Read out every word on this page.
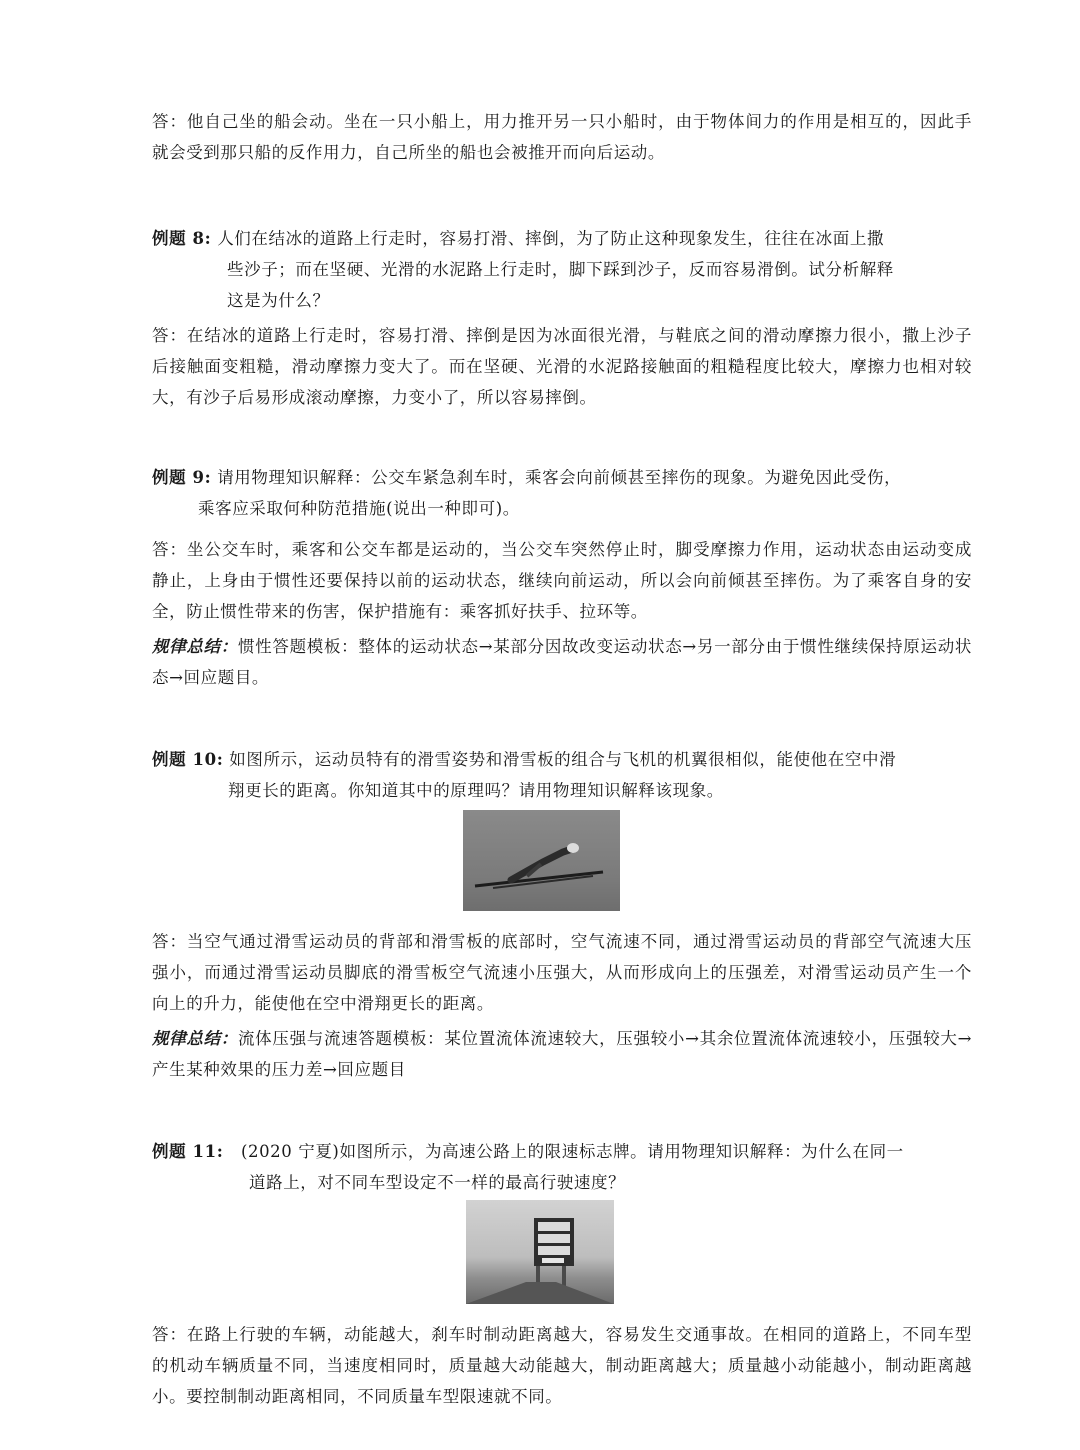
答：他自己坐的船会动。坐在一只小船上，用力推开另一只小船时，由于物体间力的作用是相互的，因此手就会受到那只船的反作用力，自己所坐的船也会被推开而向后运动。

例题 8: 人们在结冰的道路上行走时，容易打滑、摔倒，为了防止这种现象发生，往往在冰面上撒
些沙子；而在坚硬、光滑的水泥路上行走时，脚下踩到沙子，反而容易滑倒。试分析解释
这是为什么？

答：在结冰的道路上行走时，容易打滑、摔倒是因为冰面很光滑，与鞋底之间的滑动摩擦力很小，撒上沙子后接触面变粗糙，滑动摩擦力变大了。而在坚硬、光滑的水泥路接触面的粗糙程度比较大，摩擦力也相对较大，有沙子后易形成滚动摩擦，力变小了，所以容易摔倒。

例题 9: 请用物理知识解释：公交车紧急刹车时，乘客会向前倾甚至摔伤的现象。为避免因此受伤，
乘客应采取何种防范措施(说出一种即可)。

答：坐公交车时，乘客和公交车都是运动的，当公交车突然停止时，脚受摩擦力作用，运动状态由运动变成静止，上身由于惯性还要保持以前的运动状态，继续向前运动，所以会向前倾甚至摔伤。为了乘客自身的安全，防止惯性带来的伤害，保护措施有：乘客抓好扶手、拉环等。

规律总结：惯性答题模板：整体的运动状态→某部分因故改变运动状态→另一部分由于惯性继续保持原运动状态→回应题目。

例题 10: 如图所示，运动员特有的滑雪姿势和滑雪板的组合与飞机的机翼很相似，能使他在空中滑
翔更长的距离。你知道其中的原理吗？请用物理知识解释该现象。

答：当空气通过滑雪运动员的背部和滑雪板的底部时，空气流速不同，通过滑雪运动员的背部空气流速大压强小，而通过滑雪运动员脚底的滑雪板空气流速小压强大，从而形成向上的压强差，对滑雪运动员产生一个向上的升力，能使他在空中滑翔更长的距离。

规律总结：流体压强与流速答题模板：某位置流体流速较大，压强较小→其余位置流体流速较小，压强较大→产生某种效果的压力差→回应题目

例题 11: (2020 宁夏)如图所示，为高速公路上的限速标志牌。请用物理知识解释：为什么在同一
道路上，对不同车型设定不一样的最高行驶速度？

答：在路上行驶的车辆，动能越大，刹车时制动距离越大，容易发生交通事故。在相同的道路上，不同车型的机动车辆质量不同，当速度相同时，质量越大动能越大，制动距离越大；质量越小动能越小，制动距离越小。要控制制动距离相同，不同质量车型限速就不同。
